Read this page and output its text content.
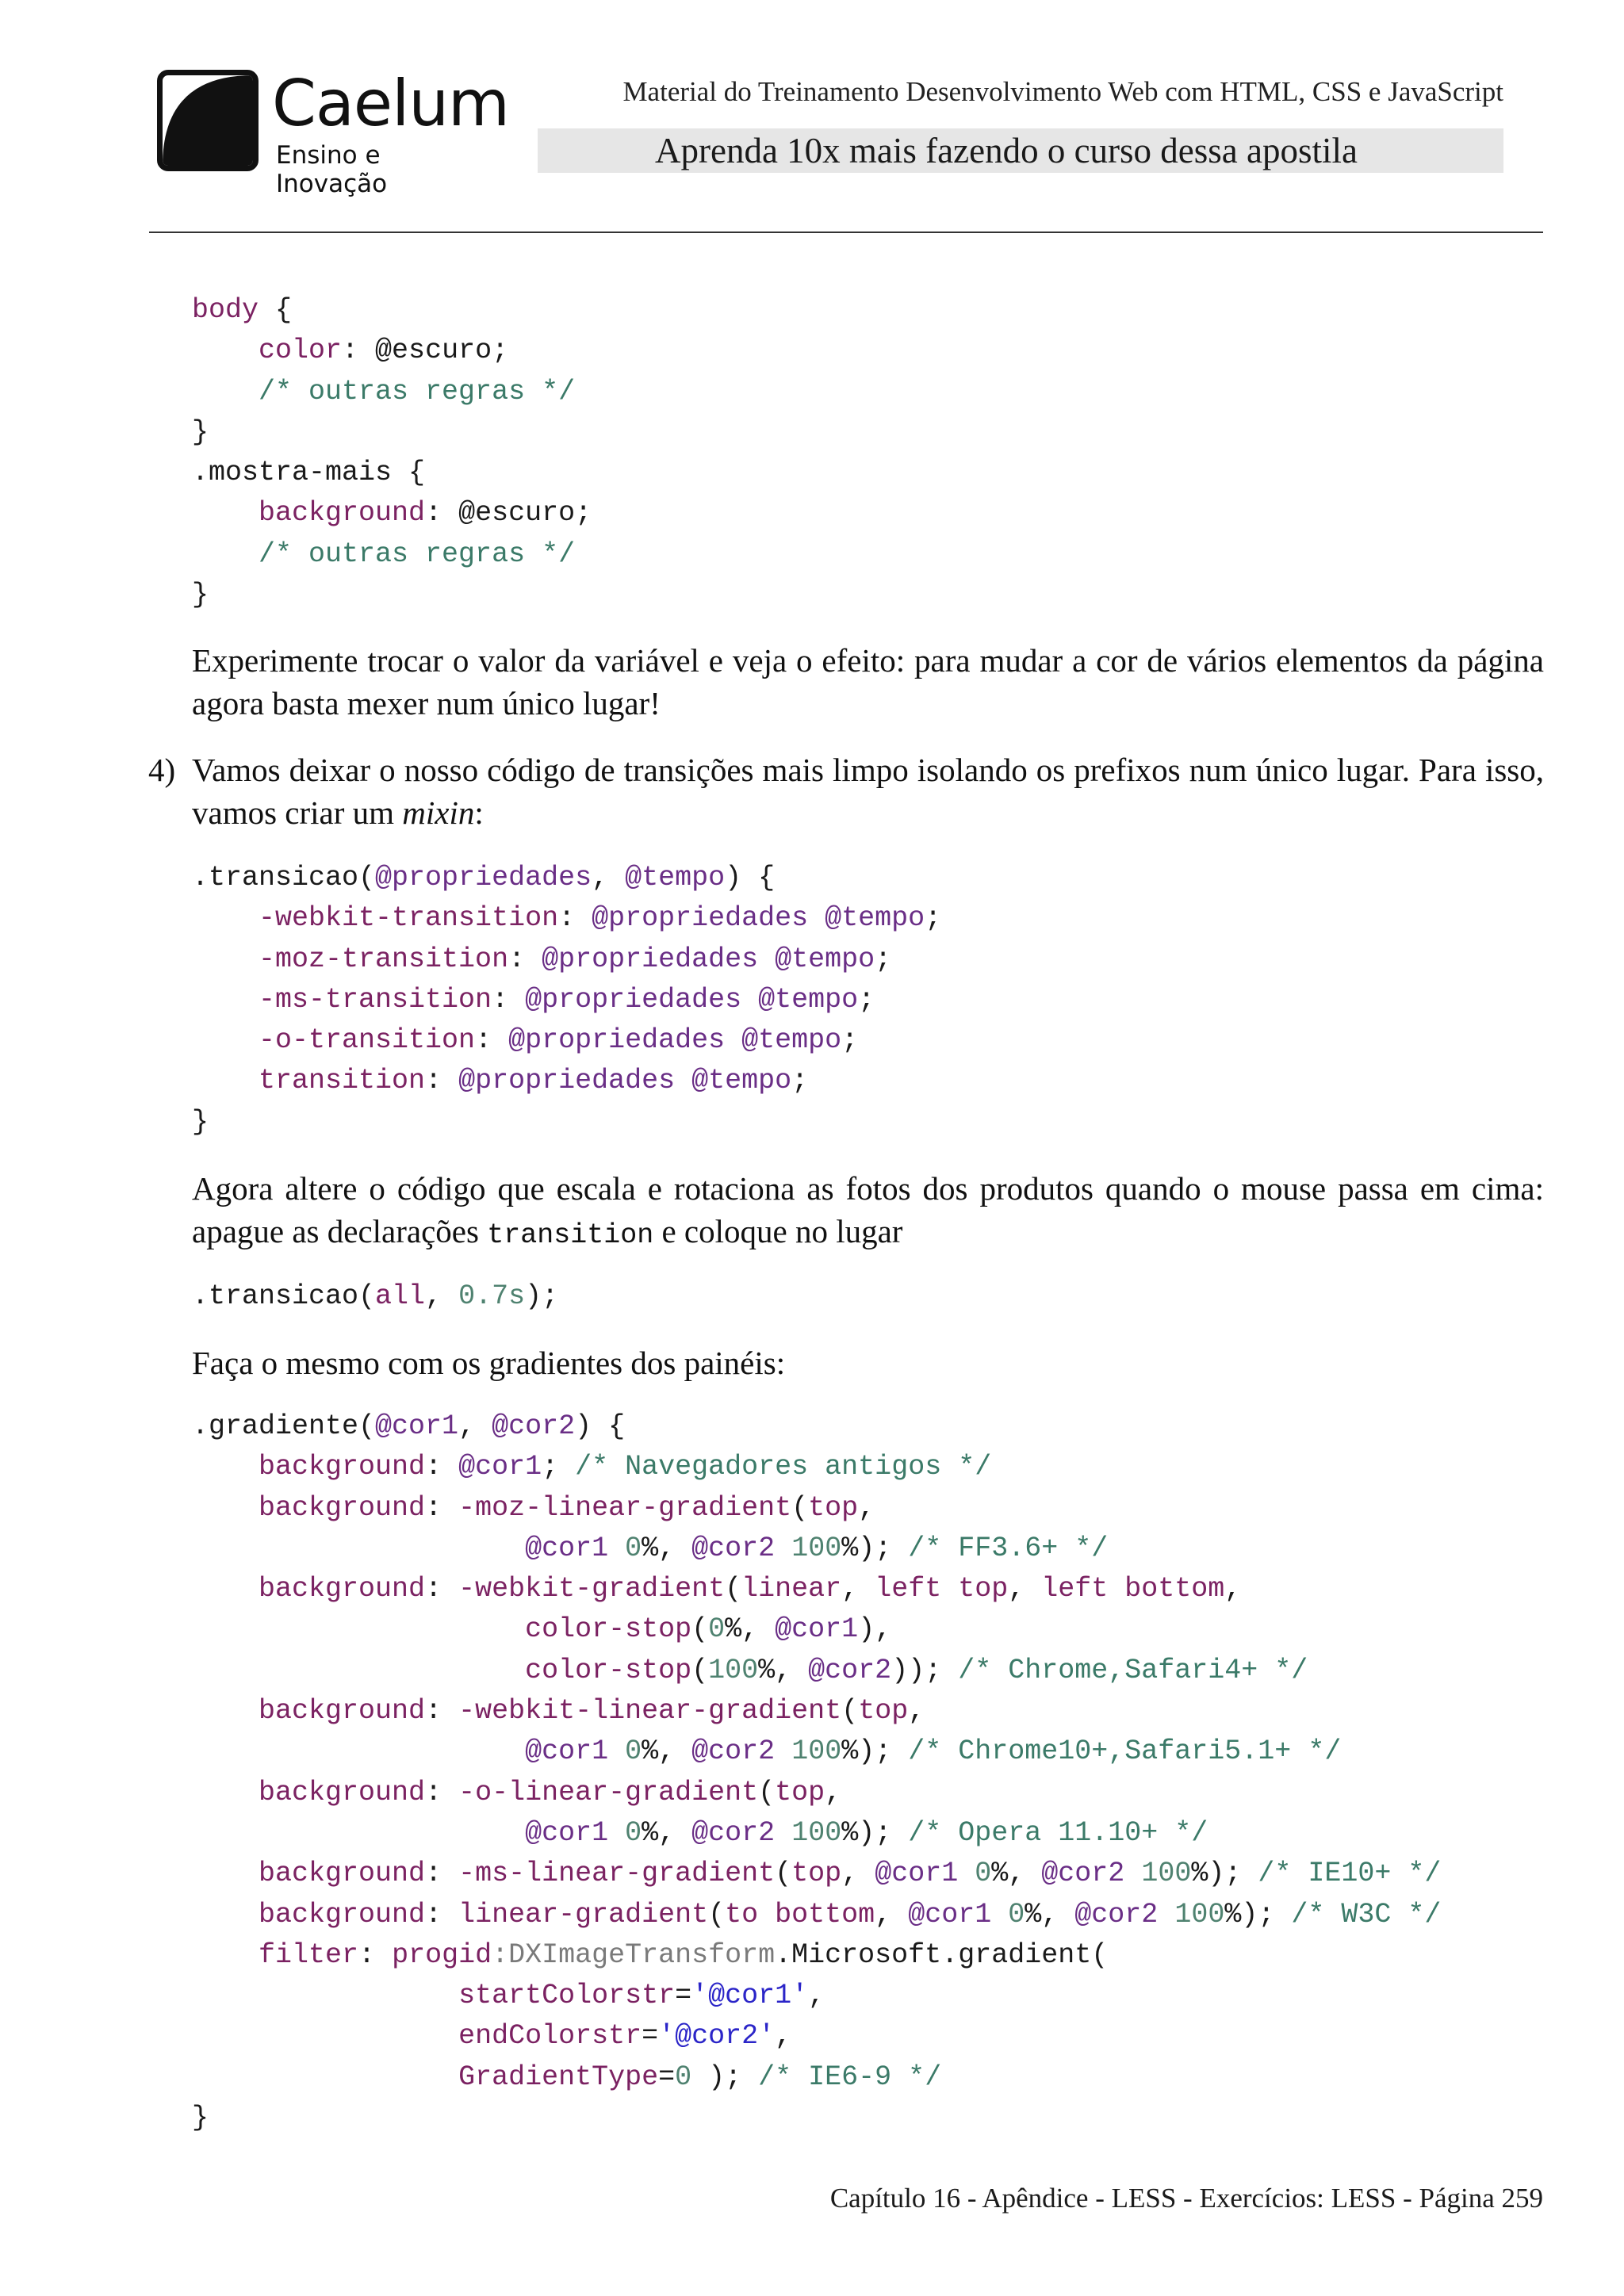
* Caelum
Ensino e Inovação
Material do Treinamento Desenvolvimento Web com HTML, CSS e JavaScript
Aprenda 10x mais fazendo o curso dessa apostila
body {
color: @escuro;
/* outras regras */
}
.mostra-mais {
background: @escuro;
/* outras regras */
}

Experimente trocar o valor da variável e veja o efeito: para mudar a cor de vários elementos da página agora basta mexer num único lugar!

4) Vamos deixar o nosso código de transições mais limpo isolando os prefixos num único lugar. Para isso, vamos criar um mixin:

.transicao(@propriedades, @tempo) {
-webkit-transition: @propriedades @tempo;
-moz-transition: @propriedades @tempo;
-ms-transition: @propriedades @tempo;
-o-transition: @propriedades @tempo;
transition: @propriedades @tempo;
}

Agora altere o código que escala e rotaciona as fotos dos produtos quando o mouse passa em cima: apague as declarações transition e coloque no lugar

.transicao(all, 0.7s);

Faça o mesmo com os gradientes dos painéis:

.gradiente(@cor1, @cor2) {
background: @cor1; /* Navegadores antigos */
background: -moz-linear-gradient(top,
@cor1 0%, @cor2 100%); /* FF3.6+ */
background: -webkit-gradient(linear, left top, left bottom,
color-stop(0%, @cor1),
color-stop(100%, @cor2)); /* Chrome,Safari4+ */
background: -webkit-linear-gradient(top,
@cor1 0%, @cor2 100%); /* Chrome10+,Safari5.1+ */
background: -o-linear-gradient(top,
@cor1 0%, @cor2 100%); /* Opera 11.10+ */
background: -ms-linear-gradient(top, @cor1 0%, @cor2 100%); /* IE10+ */
background: linear-gradient(to bottom, @cor1 0%, @cor2 100%); /* W3C */
filter: progid:DXImageTransform.Microsoft.gradient(
startColorstr='@cor1',
endColorstr='@cor2',
GradientType=0 ); /* IE6-9 */
}
Capítulo 16 - Apêndice - LESS - Exercícios: LESS - Página 259
